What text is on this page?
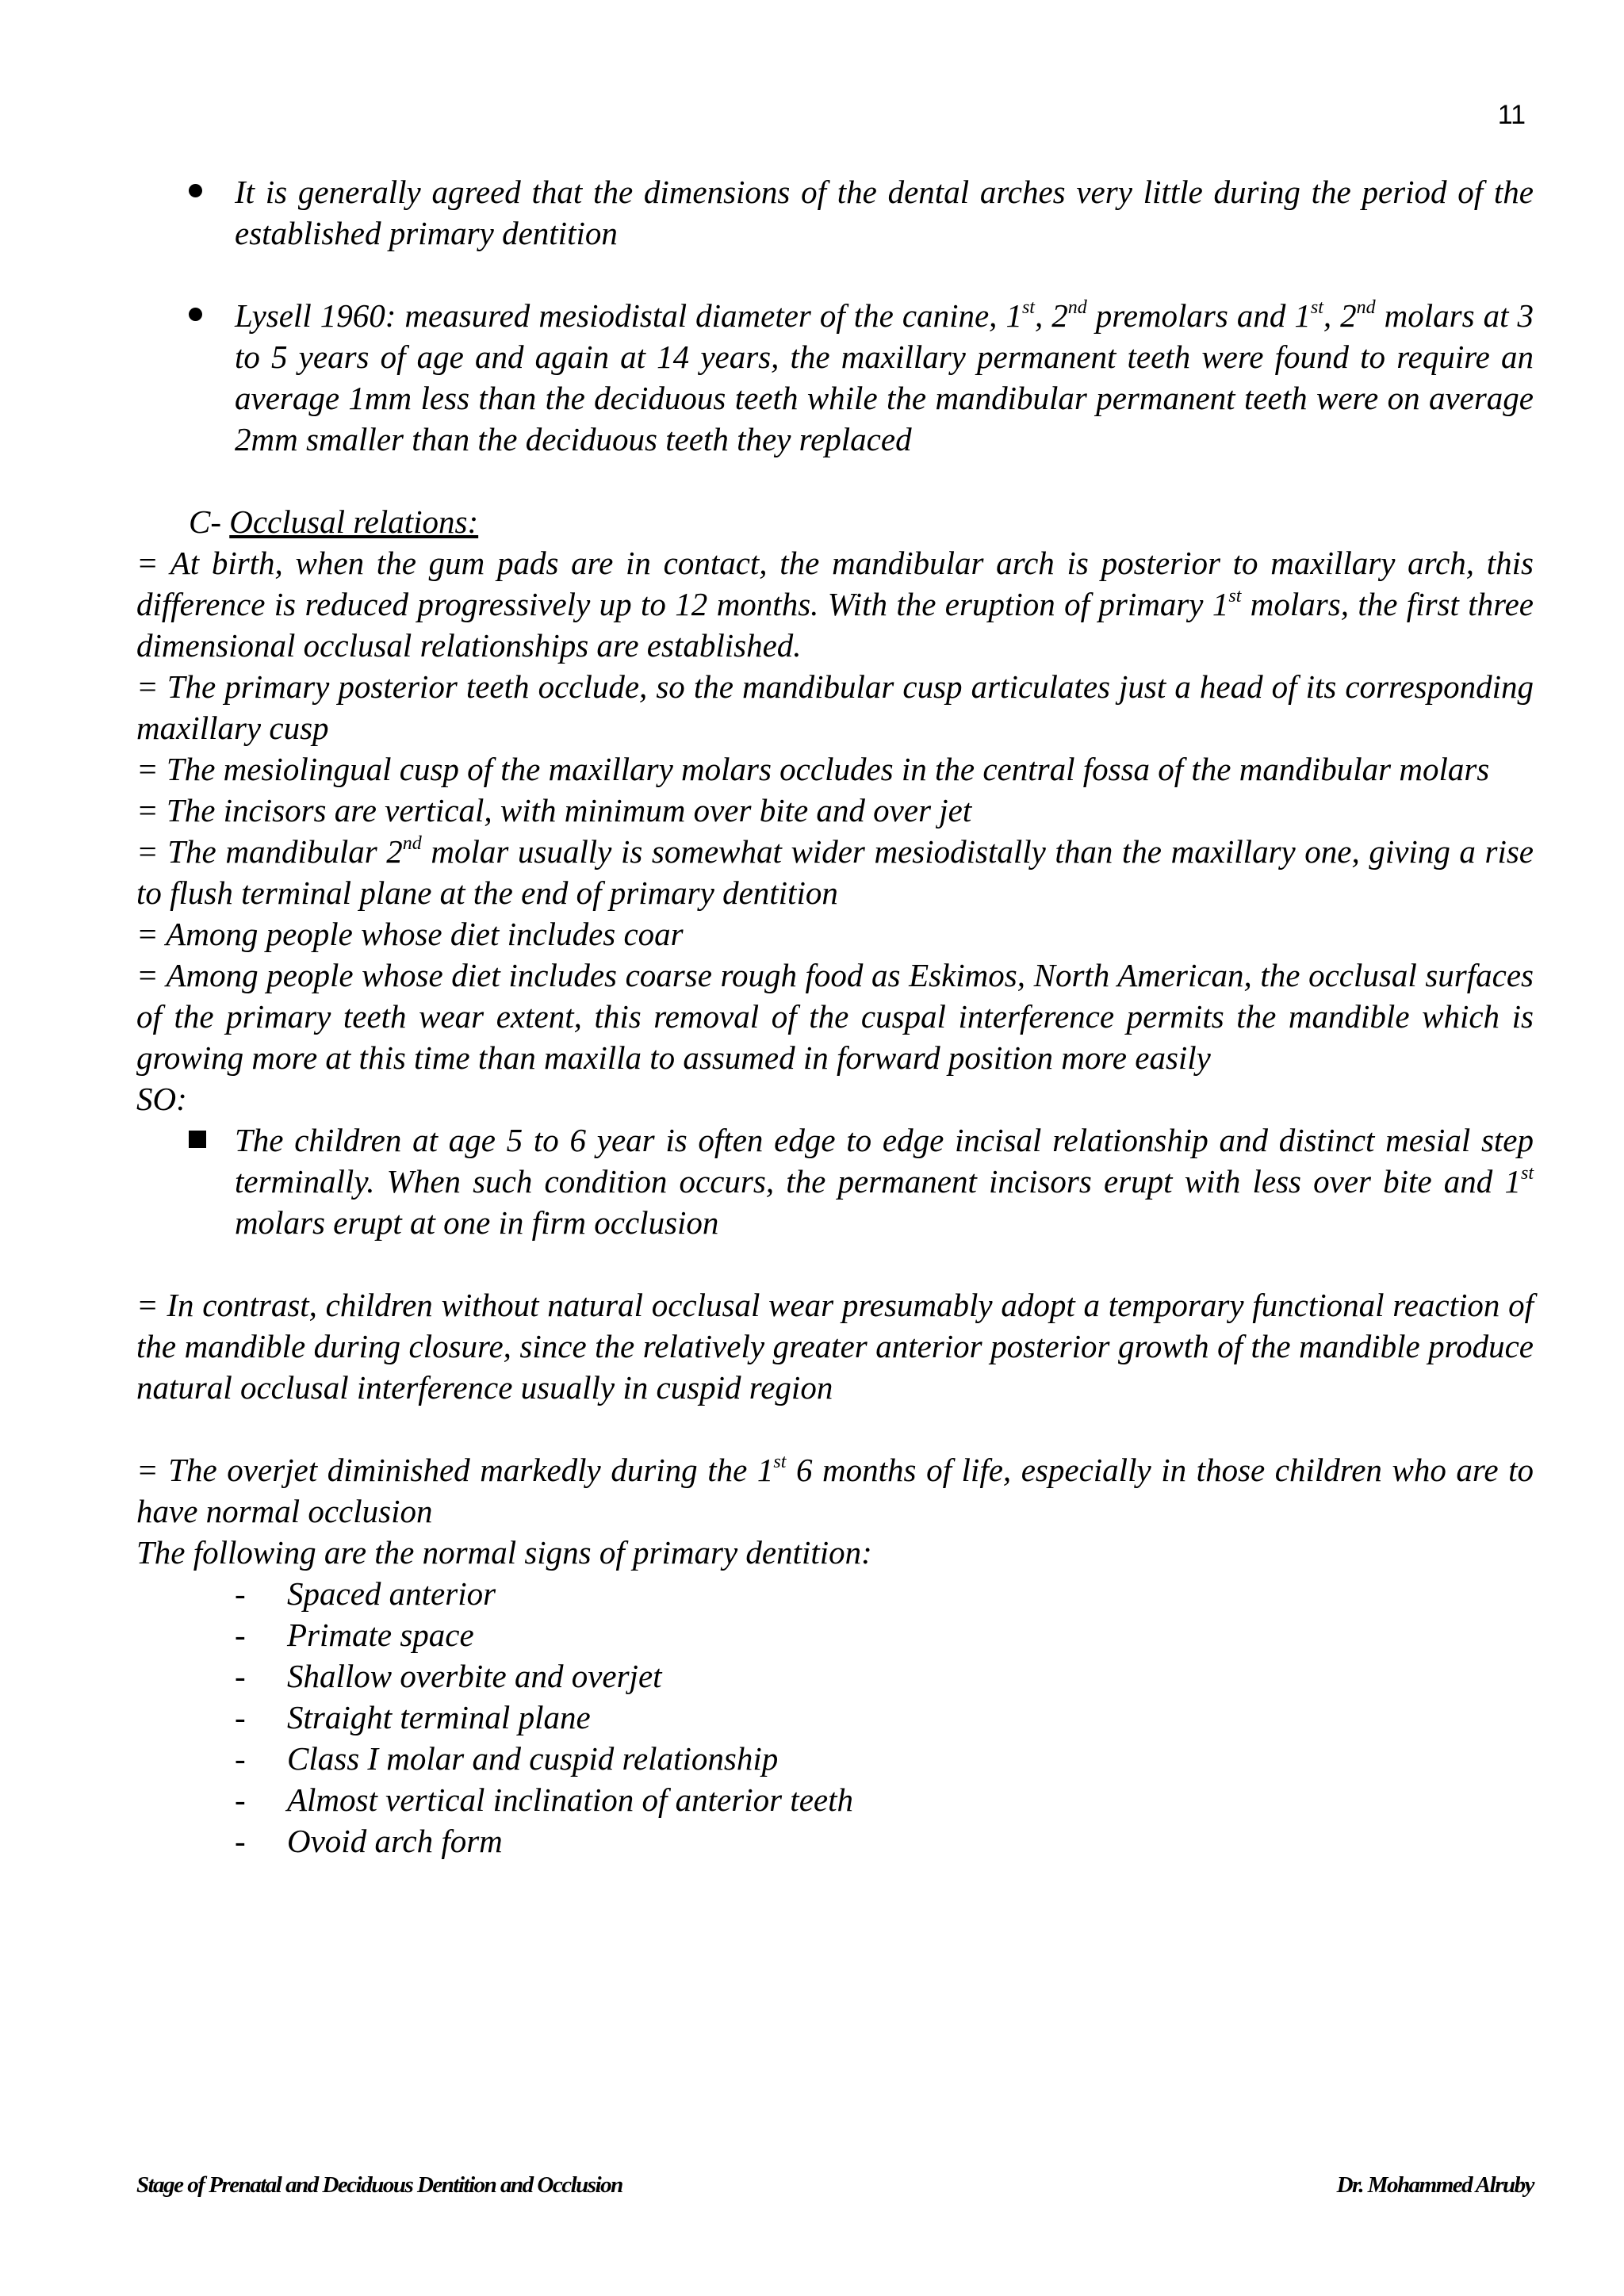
11

It is generally agreed that the dimensions of the dental arches very little during the period of the established primary dentition

Lysell 1960: measured mesiodistal diameter of the canine, 1st, 2nd premolars and 1st, 2nd molars at 3 to 5 years of age and again at 14 years, the maxillary permanent teeth were found to require an average 1mm less than the deciduous teeth while the mandibular permanent teeth were on average 2mm smaller than the deciduous teeth they replaced

C- Occlusal relations:

= At birth, when the gum pads are in contact, the mandibular arch is posterior to maxillary arch, this difference is reduced progressively up to 12 months. With the eruption of primary 1st molars, the first three dimensional occlusal relationships are established.

= The primary posterior teeth occlude, so the mandibular cusp articulates just a head of its corresponding maxillary cusp

= The mesiolingual cusp of the maxillary molars occludes in the central fossa of the mandibular molars

= The incisors are vertical, with minimum over bite and over jet

= The mandibular 2nd molar usually is somewhat wider mesiodistally than the maxillary one, giving a rise to flush terminal plane at the end of primary dentition

= Among people whose diet includes coar

= Among people whose diet includes coarse rough food as Eskimos, North American, the occlusal surfaces of the primary teeth wear extent, this removal of the cuspal interference permits the mandible which is growing more at this time than maxilla to assumed in forward position more easily

SO:

The children at age 5 to 6 year is often edge to edge incisal relationship and distinct mesial step terminally. When such condition occurs, the permanent incisors erupt with less over bite and 1st molars erupt at one in firm occlusion

= In contrast, children without natural occlusal wear presumably adopt a temporary functional reaction of the mandible during closure, since the relatively greater anterior posterior growth of the mandible produce natural occlusal interference usually in cuspid region

= The overjet diminished markedly during the 1st 6 months of life, especially in those children who are to have normal occlusion

The following are the normal signs of primary dentition:

- Spaced anterior

- Primate space

- Shallow overbite and overjet

- Straight terminal plane

- Class I molar and cuspid relationship

- Almost vertical inclination of anterior teeth

- Ovoid arch form

Stage of Prenatal and Deciduous Dentition and Occlusion	Dr. Mohammed Alruby
